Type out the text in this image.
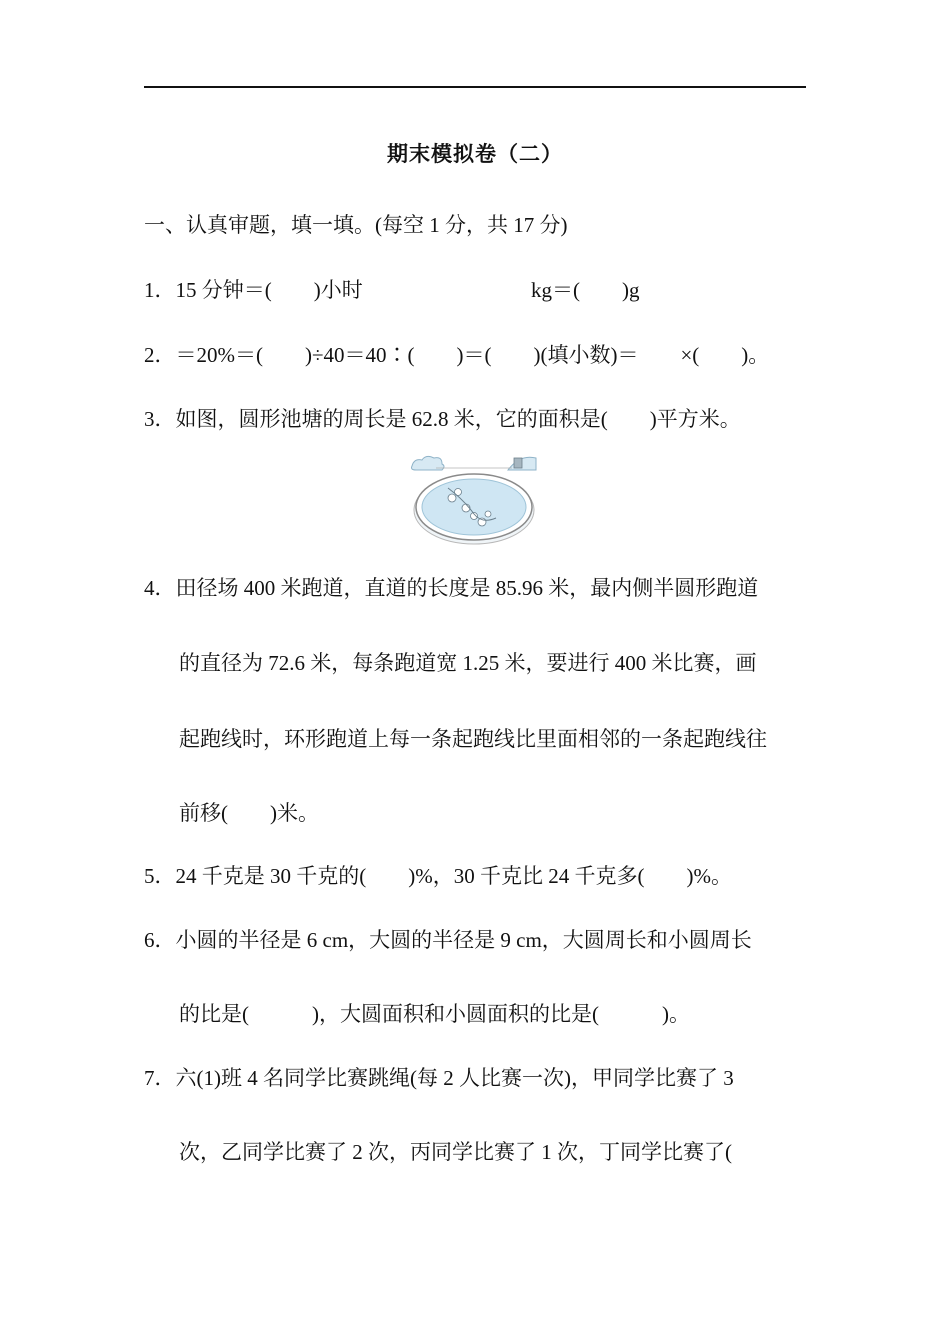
期末模拟卷（二）
一、认真审题，填一填。(每空 1 分，共 17 分)
1．15 分钟＝(　　)小时	kg＝(　　)g
2．＝20%＝(　　)÷40＝40∶(　　)＝(　　)(填小数)＝　　×(　　)。
3．如图，圆形池塘的周长是 62.8 米，它的面积是(　　)平方米。
4．田径场 400 米跑道，直道的长度是 85.96 米，最内侧半圆形跑道
的直径为 72.6 米，每条跑道宽 1.25 米，要进行 400 米比赛，画
起跑线时，环形跑道上每一条起跑线比里面相邻的一条起跑线往
前移(　　)米。
5．24 千克是 30 千克的(　　)%，30 千克比 24 千克多(　　)%。
6．小圆的半径是 6 cm，大圆的半径是 9 cm，大圆周长和小圆周长
的比是(　　　)，大圆面积和小圆面积的比是(　　　)。
7．六(1)班 4 名同学比赛跳绳(每 2 人比赛一次)，甲同学比赛了 3
次，乙同学比赛了 2 次，丙同学比赛了 1 次，丁同学比赛了(
